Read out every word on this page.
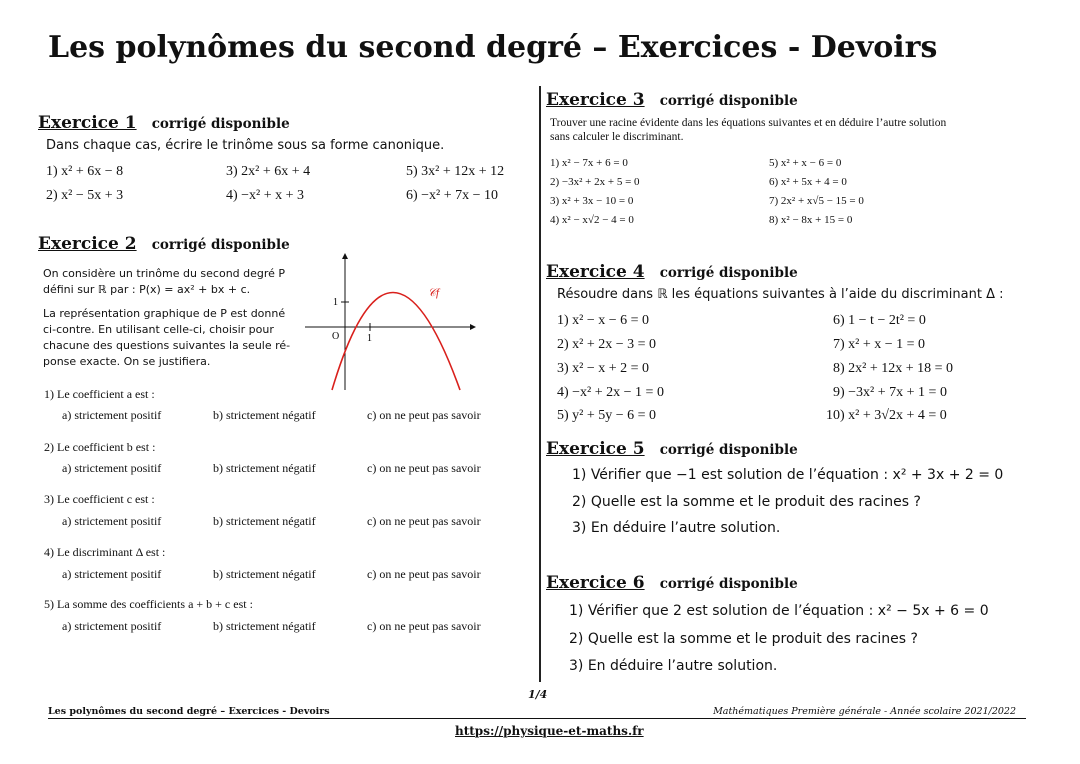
Les polynômes du second degré – Exercices - Devoirs
Exercice 1 corrigé disponible
Dans chaque cas, écrire le trinôme sous sa forme canonique.
1) x² + 6x − 8	3) 2x² + 6x + 4	5) 3x² + 12x + 12
2) x² − 5x + 3	4) −x² + x + 3	6) −x² + 7x − 10
Exercice 2 corrigé disponible
On considère un trinôme du second degré P
défini sur ℝ par : P(x) = ax² + bx + c.
La représentation graphique de P est donné
ci-contre. En utilisant celle-ci, choisir pour
chacune des questions suivantes la seule ré-
ponse exacte. On se justifiera.
O	1
1
𝒞f
1) Le coefficient a est :
a) strictement positif	b) strictement négatif	c) on ne peut pas savoir
2) Le coefficient b est :
a) strictement positif	b) strictement négatif	c) on ne peut pas savoir
3) Le coefficient c est :
a) strictement positif	b) strictement négatif	c) on ne peut pas savoir
4) Le discriminant Δ est :
a) strictement positif	b) strictement négatif	c) on ne peut pas savoir
5) La somme des coefficients a + b + c est :
a) strictement positif	b) strictement négatif	c) on ne peut pas savoir
Exercice 3 corrigé disponible
Trouver une racine évidente dans les équations suivantes et en déduire l’autre solution
sans calculer le discriminant.
1) x² − 7x + 6 = 0	5) x² + x − 6 = 0
2) −3x² + 2x + 5 = 0	6) x² + 5x + 4 = 0
3) x² + 3x − 10 = 0	7) 2x² + x√5 − 15 = 0
4) x² − x√2 − 4 = 0	8) x² − 8x + 15 = 0
Exercice 4 corrigé disponible
Résoudre dans ℝ les équations suivantes à l’aide du discriminant Δ :
1) x² − x − 6 = 0	6) 1 − t − 2t² = 0
2) x² + 2x − 3 = 0	7) x² + x − 1 = 0
3) x² − x + 2 = 0	8) 2x² + 12x + 18 = 0
4) −x² + 2x − 1 = 0	9) −3x² + 7x + 1 = 0
5) y² + 5y − 6 = 0	10) x² + 3√2x + 4 = 0
Exercice 5 corrigé disponible
1) Vérifier que −1 est solution de l’équation : x² + 3x + 2 = 0
2) Quelle est la somme et le produit des racines ?
3) En déduire l’autre solution.
Exercice 6 corrigé disponible
1) Vérifier que 2 est solution de l’équation : x² − 5x + 6 = 0
2) Quelle est la somme et le produit des racines ?
3) En déduire l’autre solution.
1/4
Les polynômes du second degré – Exercices - Devoirs	Mathématiques Première générale - Année scolaire 2021/2022
https://physique-et-maths.fr
